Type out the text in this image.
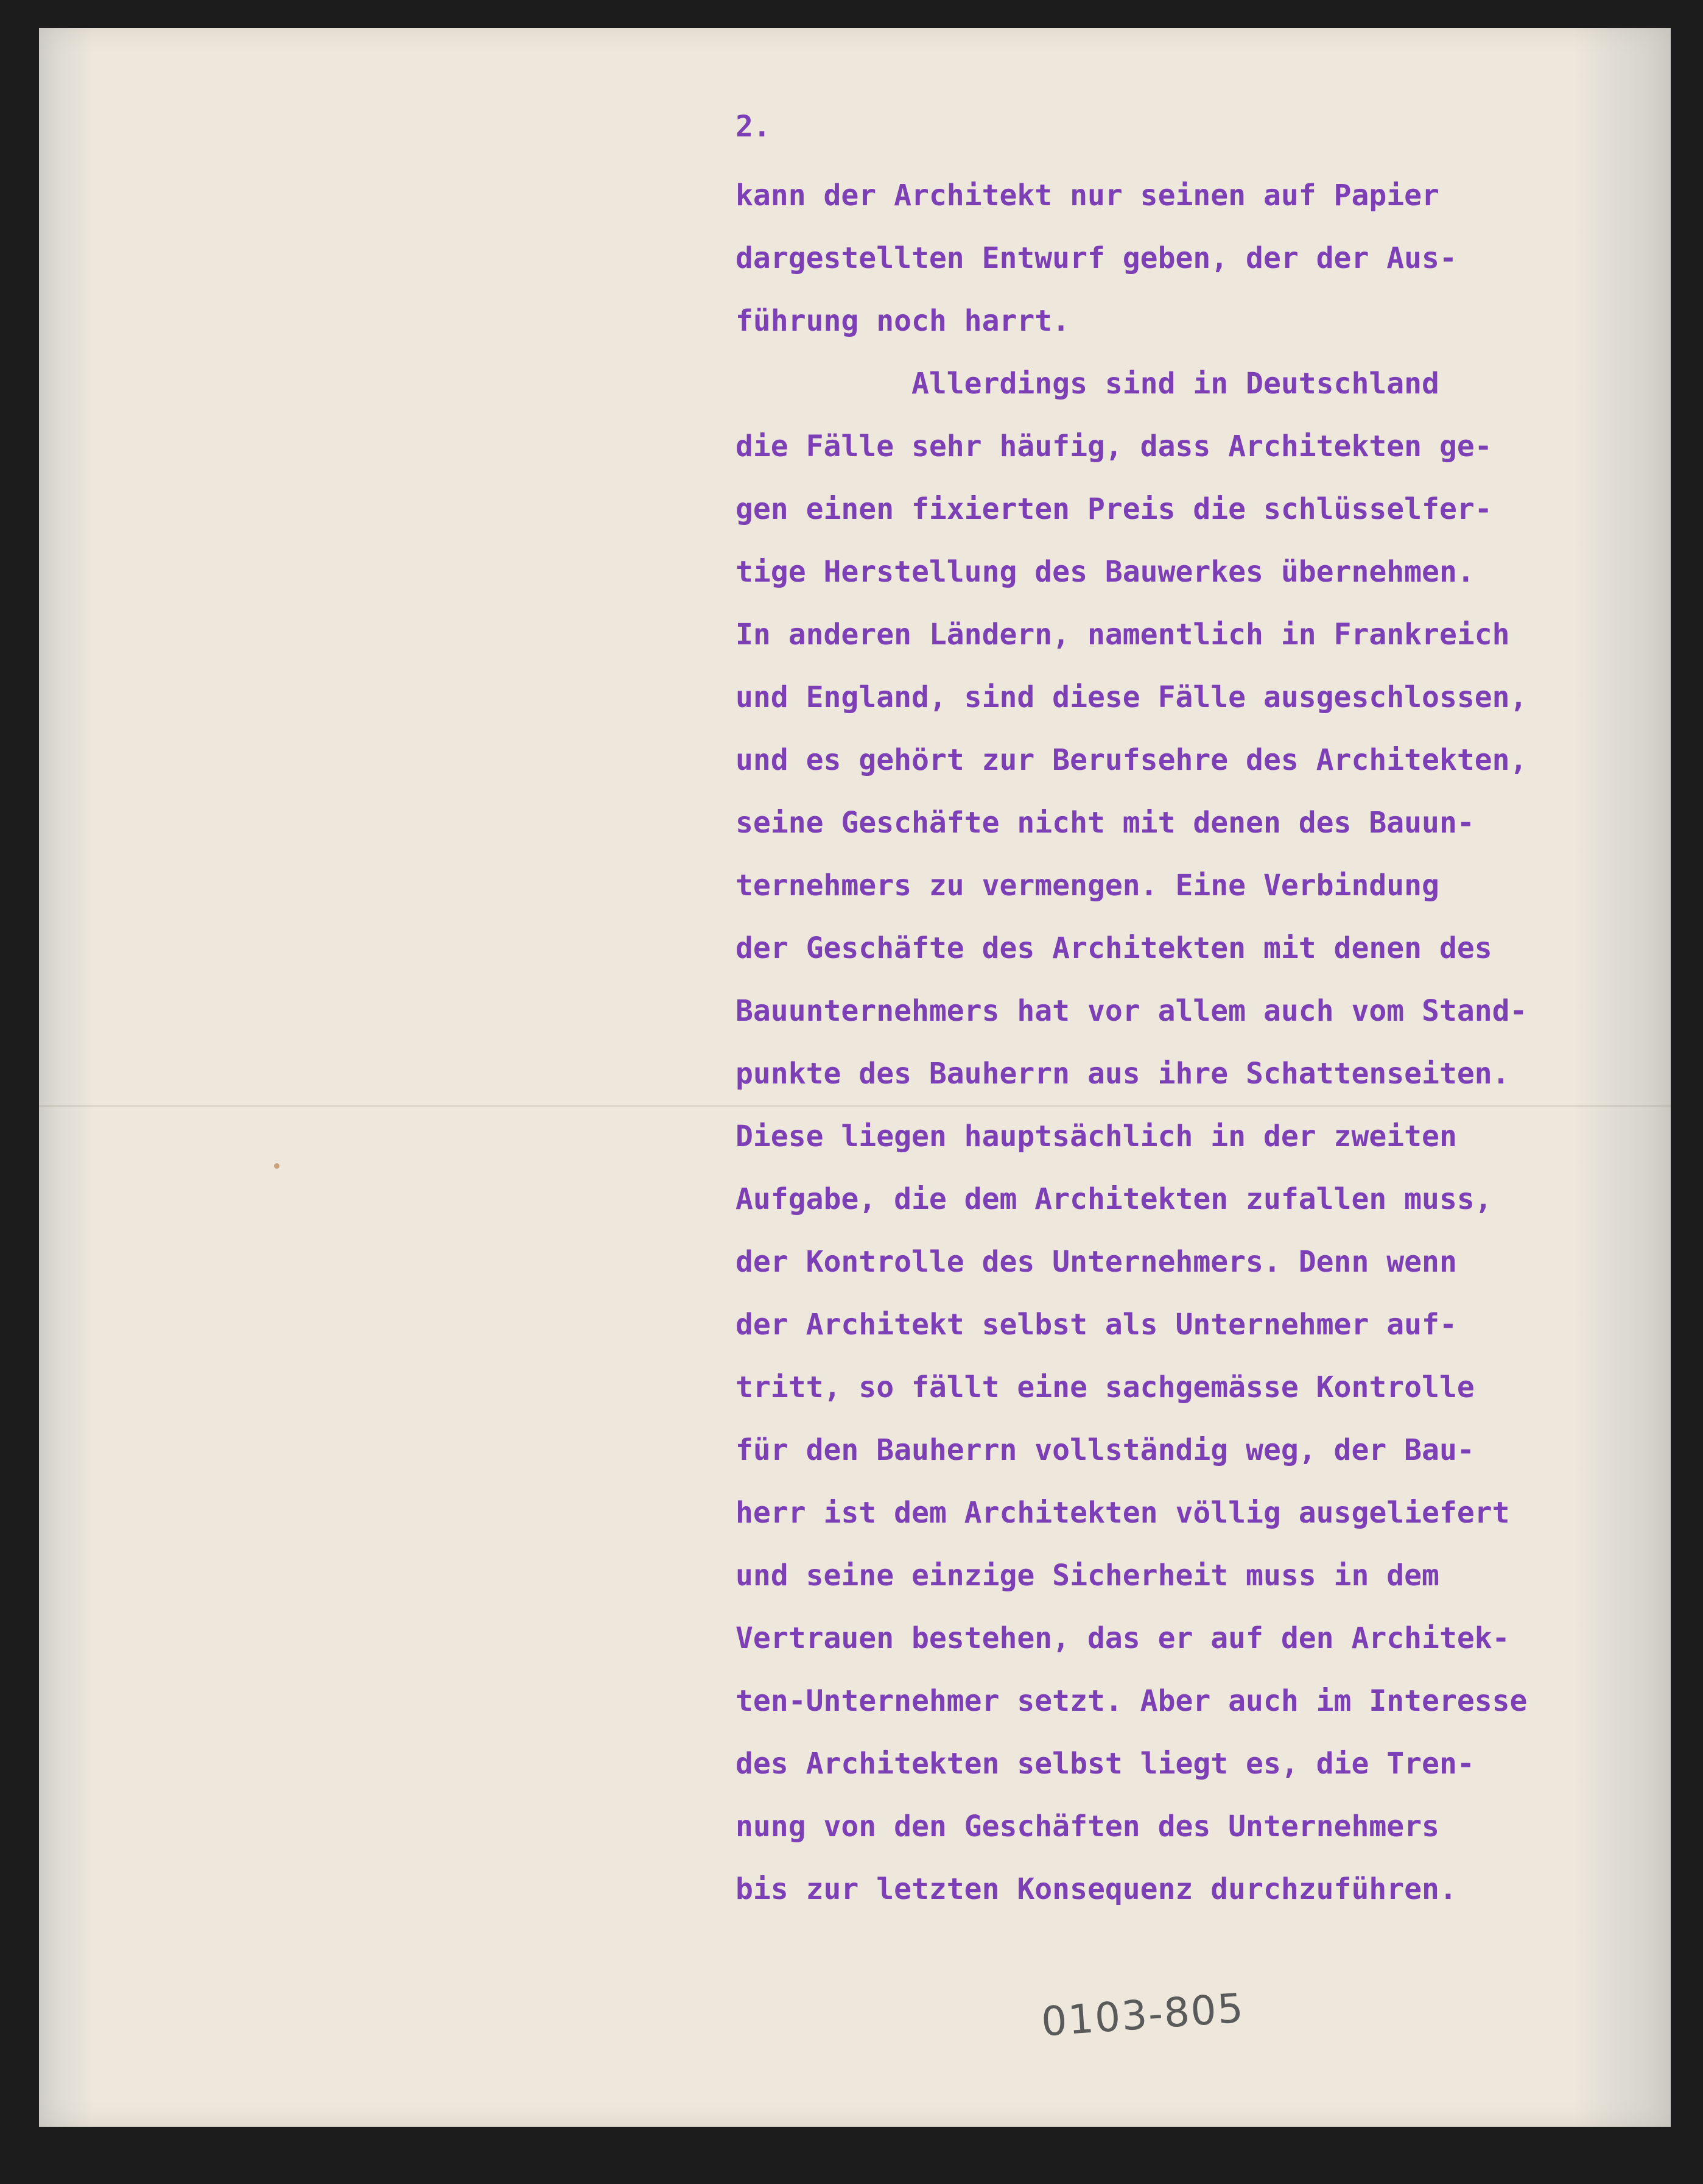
2.
kann der Architekt nur seinen auf Papier
dargestellten Entwurf geben, der der Aus-
führung noch harrt.
Allerdings sind in Deutschland
die Fälle sehr häufig, dass Architekten ge-
gen einen fixierten Preis die schlüsselfer-
tige Herstellung des Bauwerkes übernehmen.
In anderen Ländern, namentlich in Frankreich
und England, sind diese Fälle ausgeschlossen,
und es gehört zur Berufsehre des Architekten,
seine Geschäfte nicht mit denen des Bauun-
ternehmers zu vermengen. Eine Verbindung
der Geschäfte des Architekten mit denen des
Bauunternehmers hat vor allem auch vom Stand-
punkte des Bauherrn aus ihre Schattenseiten.
Diese liegen hauptsächlich in der zweiten
Aufgabe, die dem Architekten zufallen muss,
der Kontrolle des Unternehmers. Denn wenn
der Architekt selbst als Unternehmer auf-
tritt, so fällt eine sachgemässe Kontrolle
für den Bauherrn vollständig weg, der Bau-
herr ist dem Architekten völlig ausgeliefert
und seine einzige Sicherheit muss in dem
Vertrauen bestehen, das er auf den Architek-
ten-Unternehmer setzt. Aber auch im Interesse
des Architekten selbst liegt es, die Tren-
nung von den Geschäften des Unternehmers
bis zur letzten Konsequenz durchzuführen.
0103-805
